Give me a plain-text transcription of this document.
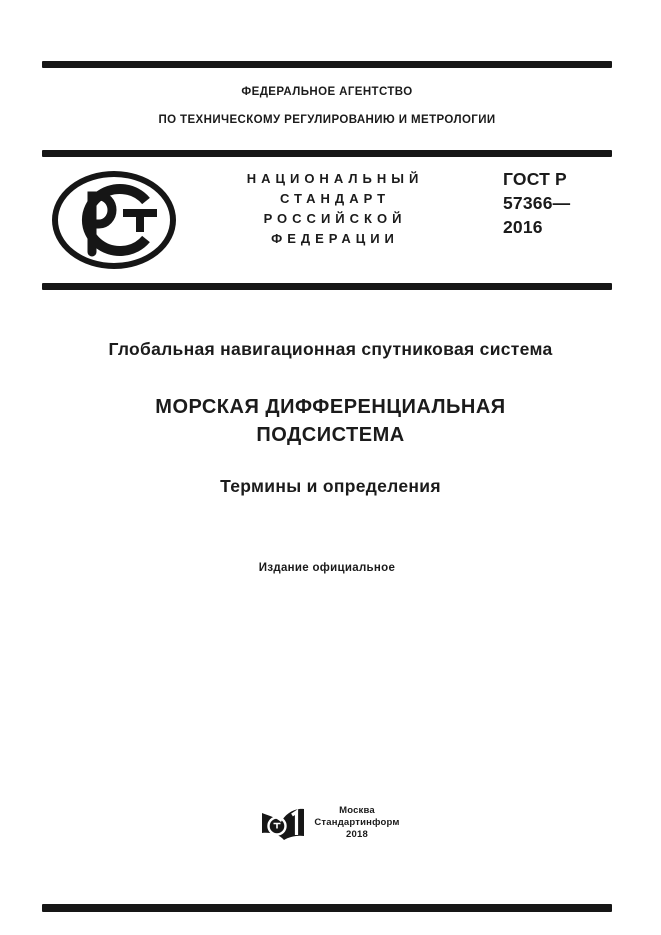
ФЕДЕРАЛЬНОЕ АГЕНТСТВО
ПО ТЕХНИЧЕСКОМУ РЕГУЛИРОВАНИЮ И МЕТРОЛОГИИ
НАЦИОНАЛЬНЫЙ
СТАНДАРТ
РОССИЙСКОЙ
ФЕДЕРАЦИИ
ГОСТ Р
57366—
2016
Глобальная навигационная спутниковая система
МОРСКАЯ ДИФФЕРЕНЦИАЛЬНАЯ
ПОДСИСТЕМА
Термины и определения
Издание официальное
Москва
Стандартинформ
2018
